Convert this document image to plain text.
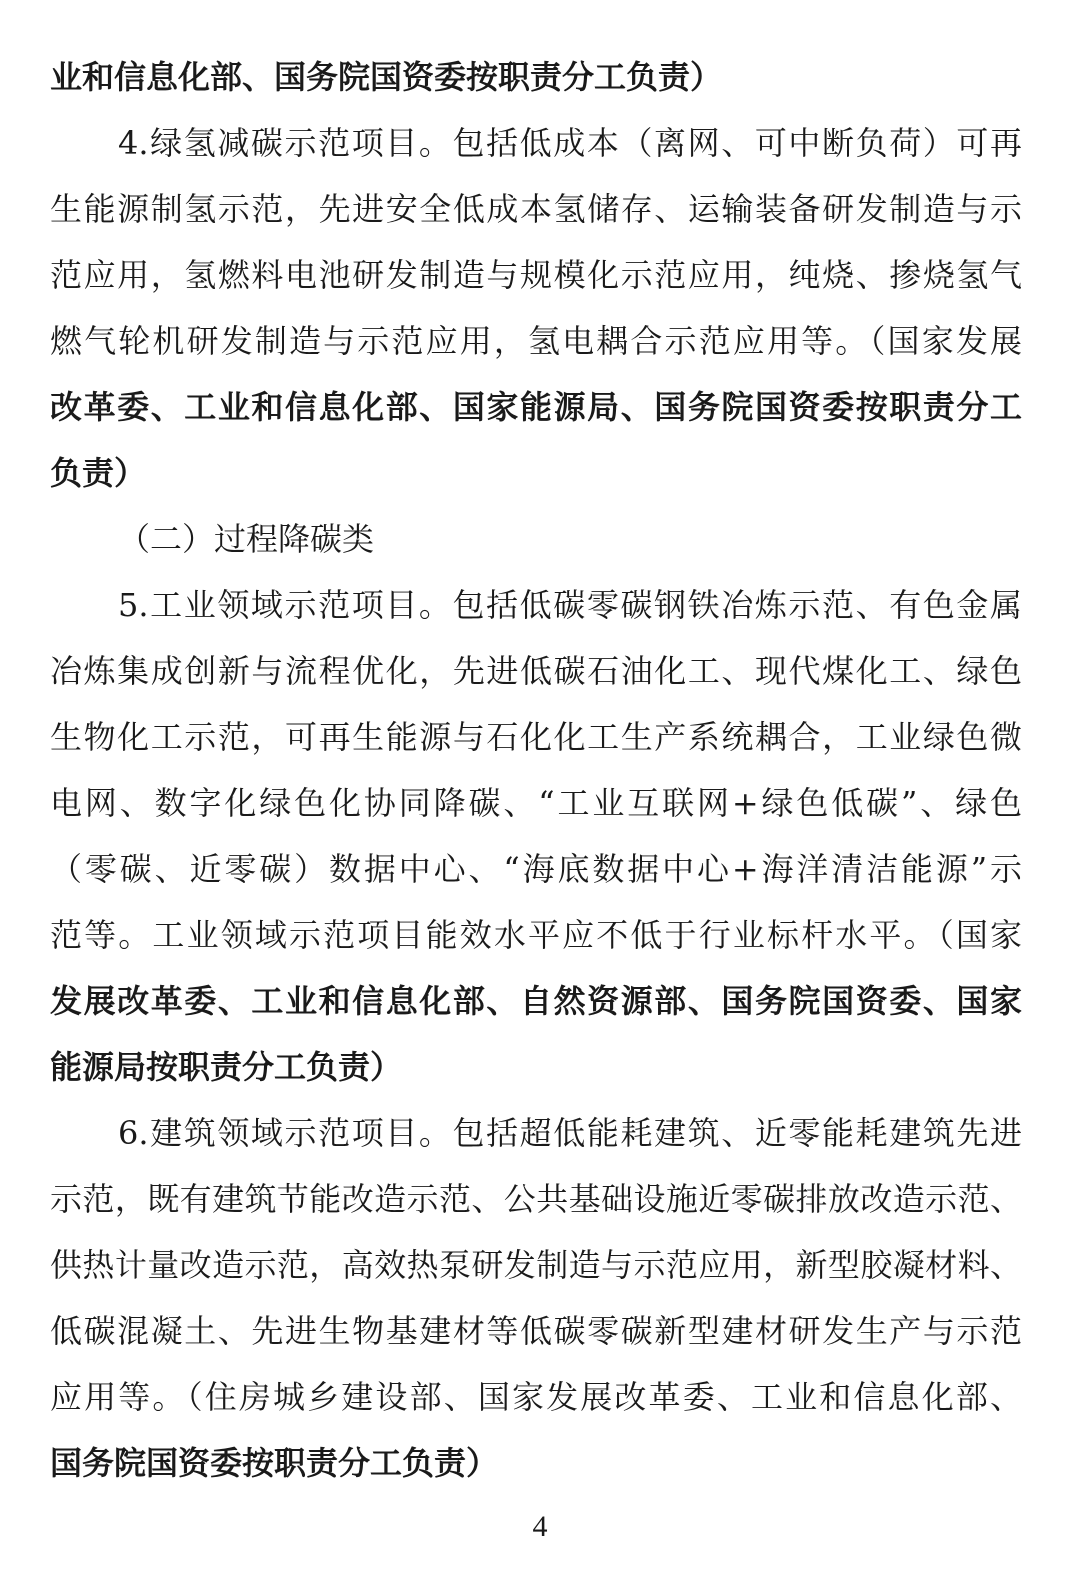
业和信息化部、国务院国资委按职责分工负责）
4.绿氢减碳示范项目。包括低成本（离网、可中断负荷）可再
生能源制氢示范，先进安全低成本氢储存、运输装备研发制造与示
范应用，氢燃料电池研发制造与规模化示范应用，纯烧、掺烧氢气
燃气轮机研发制造与示范应用，氢电耦合示范应用等。（国家发展
改革委、工业和信息化部、国家能源局、国务院国资委按职责分工
负责）
（二）过程降碳类
5.工业领域示范项目。包括低碳零碳钢铁冶炼示范、有色金属
冶炼集成创新与流程优化，先进低碳石油化工、现代煤化工、绿色
生物化工示范，可再生能源与石化化工生产系统耦合，工业绿色微
电网、数字化绿色化协同降碳、“工业互联网+绿色低碳”、绿色
（零碳、近零碳）数据中心、“海底数据中心+海洋清洁能源”示
范等。工业领域示范项目能效水平应不低于行业标杆水平。（国家
发展改革委、工业和信息化部、自然资源部、国务院国资委、国家
能源局按职责分工负责）
6.建筑领域示范项目。包括超低能耗建筑、近零能耗建筑先进
示范，既有建筑节能改造示范、公共基础设施近零碳排放改造示范、
供热计量改造示范，高效热泵研发制造与示范应用，新型胶凝材料、
低碳混凝土、先进生物基建材等低碳零碳新型建材研发生产与示范
应用等。（住房城乡建设部、国家发展改革委、工业和信息化部、
国务院国资委按职责分工负责）
4
